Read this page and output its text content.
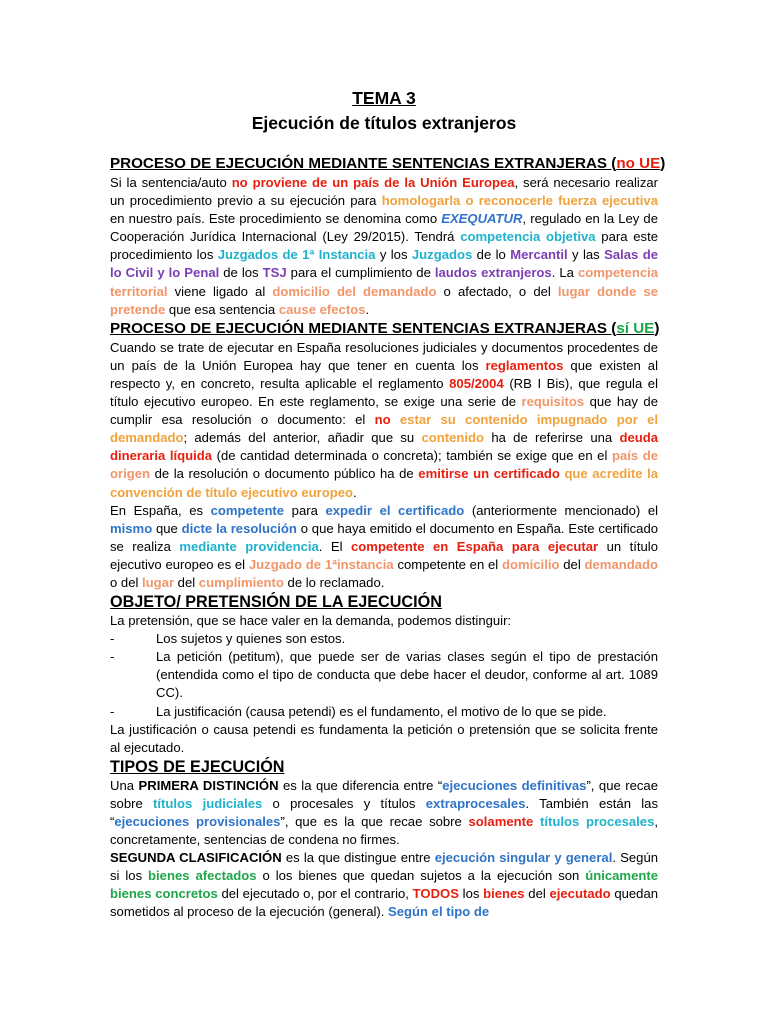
TEMA 3
Ejecución de títulos extranjeros
PROCESO DE EJECUCIÓN MEDIANTE SENTENCIAS EXTRANJERAS (no UE)

Si la sentencia/auto no proviene de un país de la Unión Europea, será necesario realizar un procedimiento previo a su ejecución para homologarla o reconocerle fuerza ejecutiva en nuestro país. Este procedimiento se denomina como EXEQUATUR, regulado en la Ley de Cooperación Jurídica Internacional (Ley 29/2015). Tendrá competencia objetiva para este procedimiento los Juzgados de 1ª Instancia y los Juzgados de lo Mercantil y las Salas de lo Civil y lo Penal de los TSJ para el cumplimiento de laudos extranjeros. La competencia territorial viene ligado al domicilio del demandado o afectado, o del lugar donde se pretende que esa sentencia cause efectos.

PROCESO DE EJECUCIÓN MEDIANTE SENTENCIAS EXTRANJERAS (sí UE)

Cuando se trate de ejecutar en España resoluciones judiciales y documentos procedentes de un país de la Unión Europea hay que tener en cuenta los reglamentos que existen al respecto y, en concreto, resulta aplicable el reglamento 805/2004 (RB I Bis), que regula el título ejecutivo europeo. En este reglamento, se exige una serie de requisitos que hay de cumplir esa resolución o documento: el no estar su contenido impugnado por el demandado; además del anterior, añadir que su contenido ha de referirse una deuda dineraria líquida (de cantidad determinada o concreta); también se exige que en el país de origen de la resolución o documento público ha de emitirse un certificado que acredite la convención de título ejecutivo europeo.

En España, es competente para expedir el certificado (anteriormente mencionado) el mismo que dicte la resolución o que haya emitido el documento en España. Este certificado se realiza mediante providencia. El competente en España para ejecutar un título ejecutivo europeo es el Juzgado de 1ªinstancia competente en el domicilio del demandado o del lugar del cumplimiento de lo reclamado.

OBJETO/ PRETENSIÓN DE LA EJECUCIÓN

La pretensión, que se hace valer en la demanda, podemos distinguir:

-	Los sujetos y quienes son estos.
-	La petición (petitum), que puede ser de varias clases según el tipo de prestación (entendida como el tipo de conducta que debe hacer el deudor, conforme al art. 1089 CC).
-	La justificación (causa petendi) es el fundamento, el motivo de lo que se pide.

La justificación o causa petendi es fundamenta la petición o pretensión que se solicita frente al ejecutado.

TIPOS DE EJECUCIÓN

Una PRIMERA DISTINCIÓN es la que diferencia entre “ejecuciones definitivas”, que recae sobre títulos judiciales o procesales y títulos extraprocesales. También están las “ejecuciones provisionales”, que es la que recae sobre solamente títulos procesales, concretamente, sentencias de condena no firmes.

SEGUNDA CLASIFICACIÓN es la que distingue entre ejecución singular y general. Según si los bienes afectados o los bienes que quedan sujetos a la ejecución son únicamente bienes concretos del ejecutado o, por el contrario, TODOS los bienes del ejecutado quedan sometidos al proceso de la ejecución (general). Según el tipo de
